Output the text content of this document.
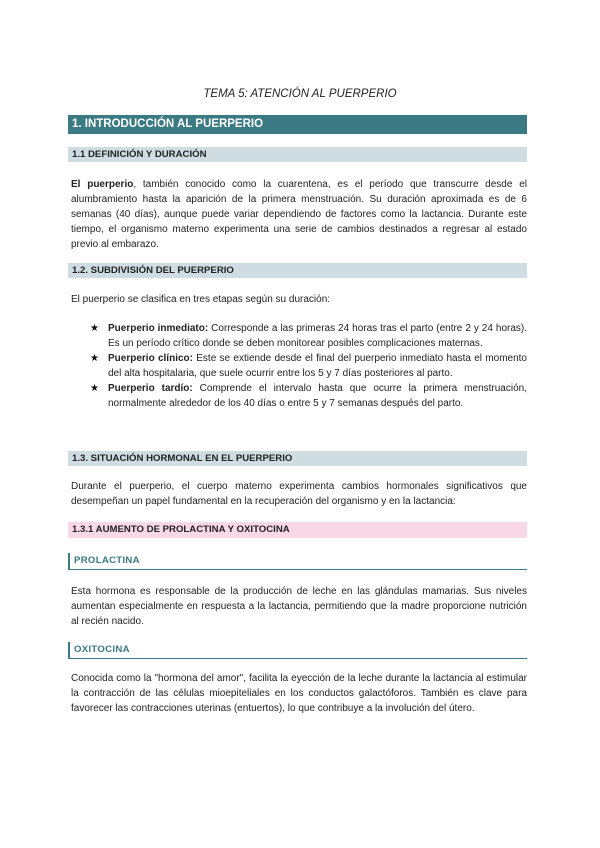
TEMA 5: ATENCIÓN AL PUERPERIO
1. INTRODUCCIÓN AL PUERPERIO
1.1 DEFINICIÓN Y DURACIÓN

El puerperio, también conocido como la cuarentena, es el período que transcurre desde el alumbramiento hasta la aparición de la primera menstruación. Su duración aproximada es de 6 semanas (40 días), aunque puede variar dependiendo de factores como la lactancia. Durante este tiempo, el organismo materno experimenta una serie de cambios destinados a regresar al estado previo al embarazo.

1.2. SUBDIVISIÓN DEL PUERPERIO

El puerperio se clasifica en tres etapas según su duración:

★ Puerperio inmediato: Corresponde a las primeras 24 horas tras el parto (entre 2 y 24 horas). Es un período crítico donde se deben monitorear posibles complicaciones maternas.
★ Puerperio clínico: Este se extiende desde el final del puerperio inmediato hasta el momento del alta hospitalaria, que suele ocurrir entre los 5 y 7 días posteriores al parto.
★ Puerperio tardío: Comprende el intervalo hasta que ocurre la primera menstruación, normalmente alrededor de los 40 días o entre 5 y 7 semanas después del parto.
1.3. SITUACIÓN HORMONAL EN EL PUERPERIO

Durante el puerperio, el cuerpo materno experimenta cambios hormonales significativos que desempeñan un papel fundamental en la recuperación del organismo y en la lactancia:

1.3.1 AUMENTO DE PROLACTINA Y OXITOCINA
PROLACTINA

Esta hormona es responsable de la producción de leche en las glándulas mamarias. Sus niveles aumentan especialmente en respuesta a la lactancia, permitiendo que la madre proporcione nutrición al recién nacido.

OXITOCINA

Conocida como la "hormona del amor", facilita la eyección de la leche durante la lactancia al estimular la contracción de las células mioepiteliales en los conductos galactóforos. También es clave para favorecer las contracciones uterinas (entuertos), lo que contribuye a la involución del útero.
